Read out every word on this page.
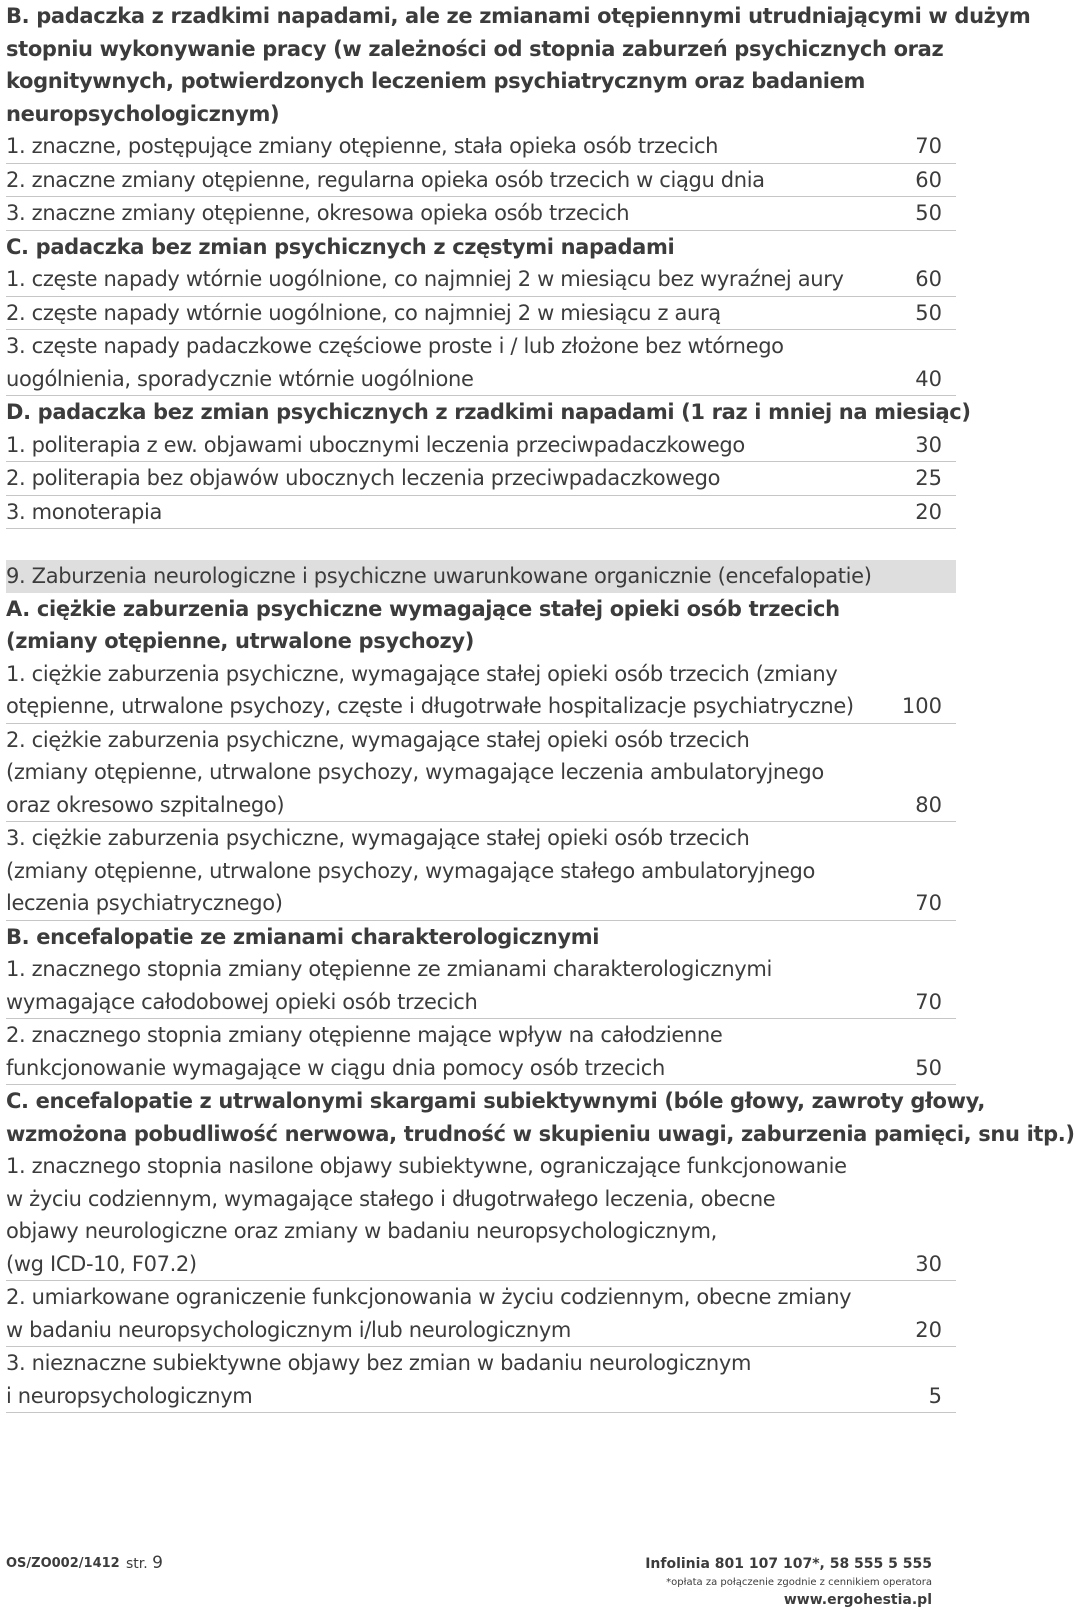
B. padaczka z rzadkimi napadami, ale ze zmianami otępiennymi utrudniającymi w dużym
stopniu wykonywanie pracy (w zależności od stopnia zaburzeń psychicznych oraz
kognitywnych, potwierdzonych leczeniem psychiatrycznym oraz badaniem
neuropsychologicznym)
1. znaczne, postępujące zmiany otępienne, stała opieka osób trzecich	70
2. znaczne zmiany otępienne, regularna opieka osób trzecich w ciągu dnia	60
3. znaczne zmiany otępienne, okresowa opieka osób trzecich	50
C. padaczka bez zmian psychicznych z częstymi napadami
1. częste napady wtórnie uogólnione, co najmniej 2 w miesiącu bez wyraźnej aury	60
2. częste napady wtórnie uogólnione, co najmniej 2 w miesiącu z aurą	50
3. częste napady padaczkowe częściowe proste i / lub złożone bez wtórnego
uogólnienia, sporadycznie wtórnie uogólnione	40
D. padaczka bez zmian psychicznych z rzadkimi napadami (1 raz i mniej na miesiąc)
1. politerapia z ew. objawami ubocznymi leczenia przeciwpadaczkowego	30
2. politerapia bez objawów ubocznych leczenia przeciwpadaczkowego	25
3. monoterapia	20
9. Zaburzenia neurologiczne i psychiczne uwarunkowane organicznie (encefalopatie)
A. ciężkie zaburzenia psychiczne wymagające stałej opieki osób trzecich
(zmiany otępienne, utrwalone psychozy)
1. ciężkie zaburzenia psychiczne, wymagające stałej opieki osób trzecich (zmiany
otępienne, utrwalone psychozy, częste i długotrwałe hospitalizacje psychiatryczne)	100
2. ciężkie zaburzenia psychiczne, wymagające stałej opieki osób trzecich
(zmiany otępienne, utrwalone psychozy, wymagające leczenia ambulatoryjnego
oraz okresowo szpitalnego)	80
3. ciężkie zaburzenia psychiczne, wymagające stałej opieki osób trzecich
(zmiany otępienne, utrwalone psychozy, wymagające stałego ambulatoryjnego
leczenia psychiatrycznego)	70
B. encefalopatie ze zmianami charakterologicznymi
1. znacznego stopnia zmiany otępienne ze zmianami charakterologicznymi
wymagające całodobowej opieki osób trzecich	70
2. znacznego stopnia zmiany otępienne mające wpływ na całodzienne
funkcjonowanie wymagające w ciągu dnia pomocy osób trzecich	50
C. encefalopatie z utrwalonymi skargami subiektywnymi (bóle głowy, zawroty głowy,
wzmożona pobudliwość nerwowa, trudność w skupieniu uwagi, zaburzenia pamięci, snu itp.)
1. znacznego stopnia nasilone objawy subiektywne, ograniczające funkcjonowanie
w życiu codziennym, wymagające stałego i długotrwałego leczenia, obecne
objawy neurologiczne oraz zmiany w badaniu neuropsychologicznym,
(wg ICD-10, F07.2)	30
2. umiarkowane ograniczenie funkcjonowania w życiu codziennym, obecne zmiany
w badaniu neuropsychologicznym i/lub neurologicznym	20
3. nieznaczne subiektywne objawy bez zmian w badaniu neurologicznym
i neuropsychologicznym	5
OS/ZO002/1412 str. 9	Infolinia 801 107 107*, 58 555 5 555
*opłata za połączenie zgodnie z cennikiem operatora
www.ergohestia.pl
